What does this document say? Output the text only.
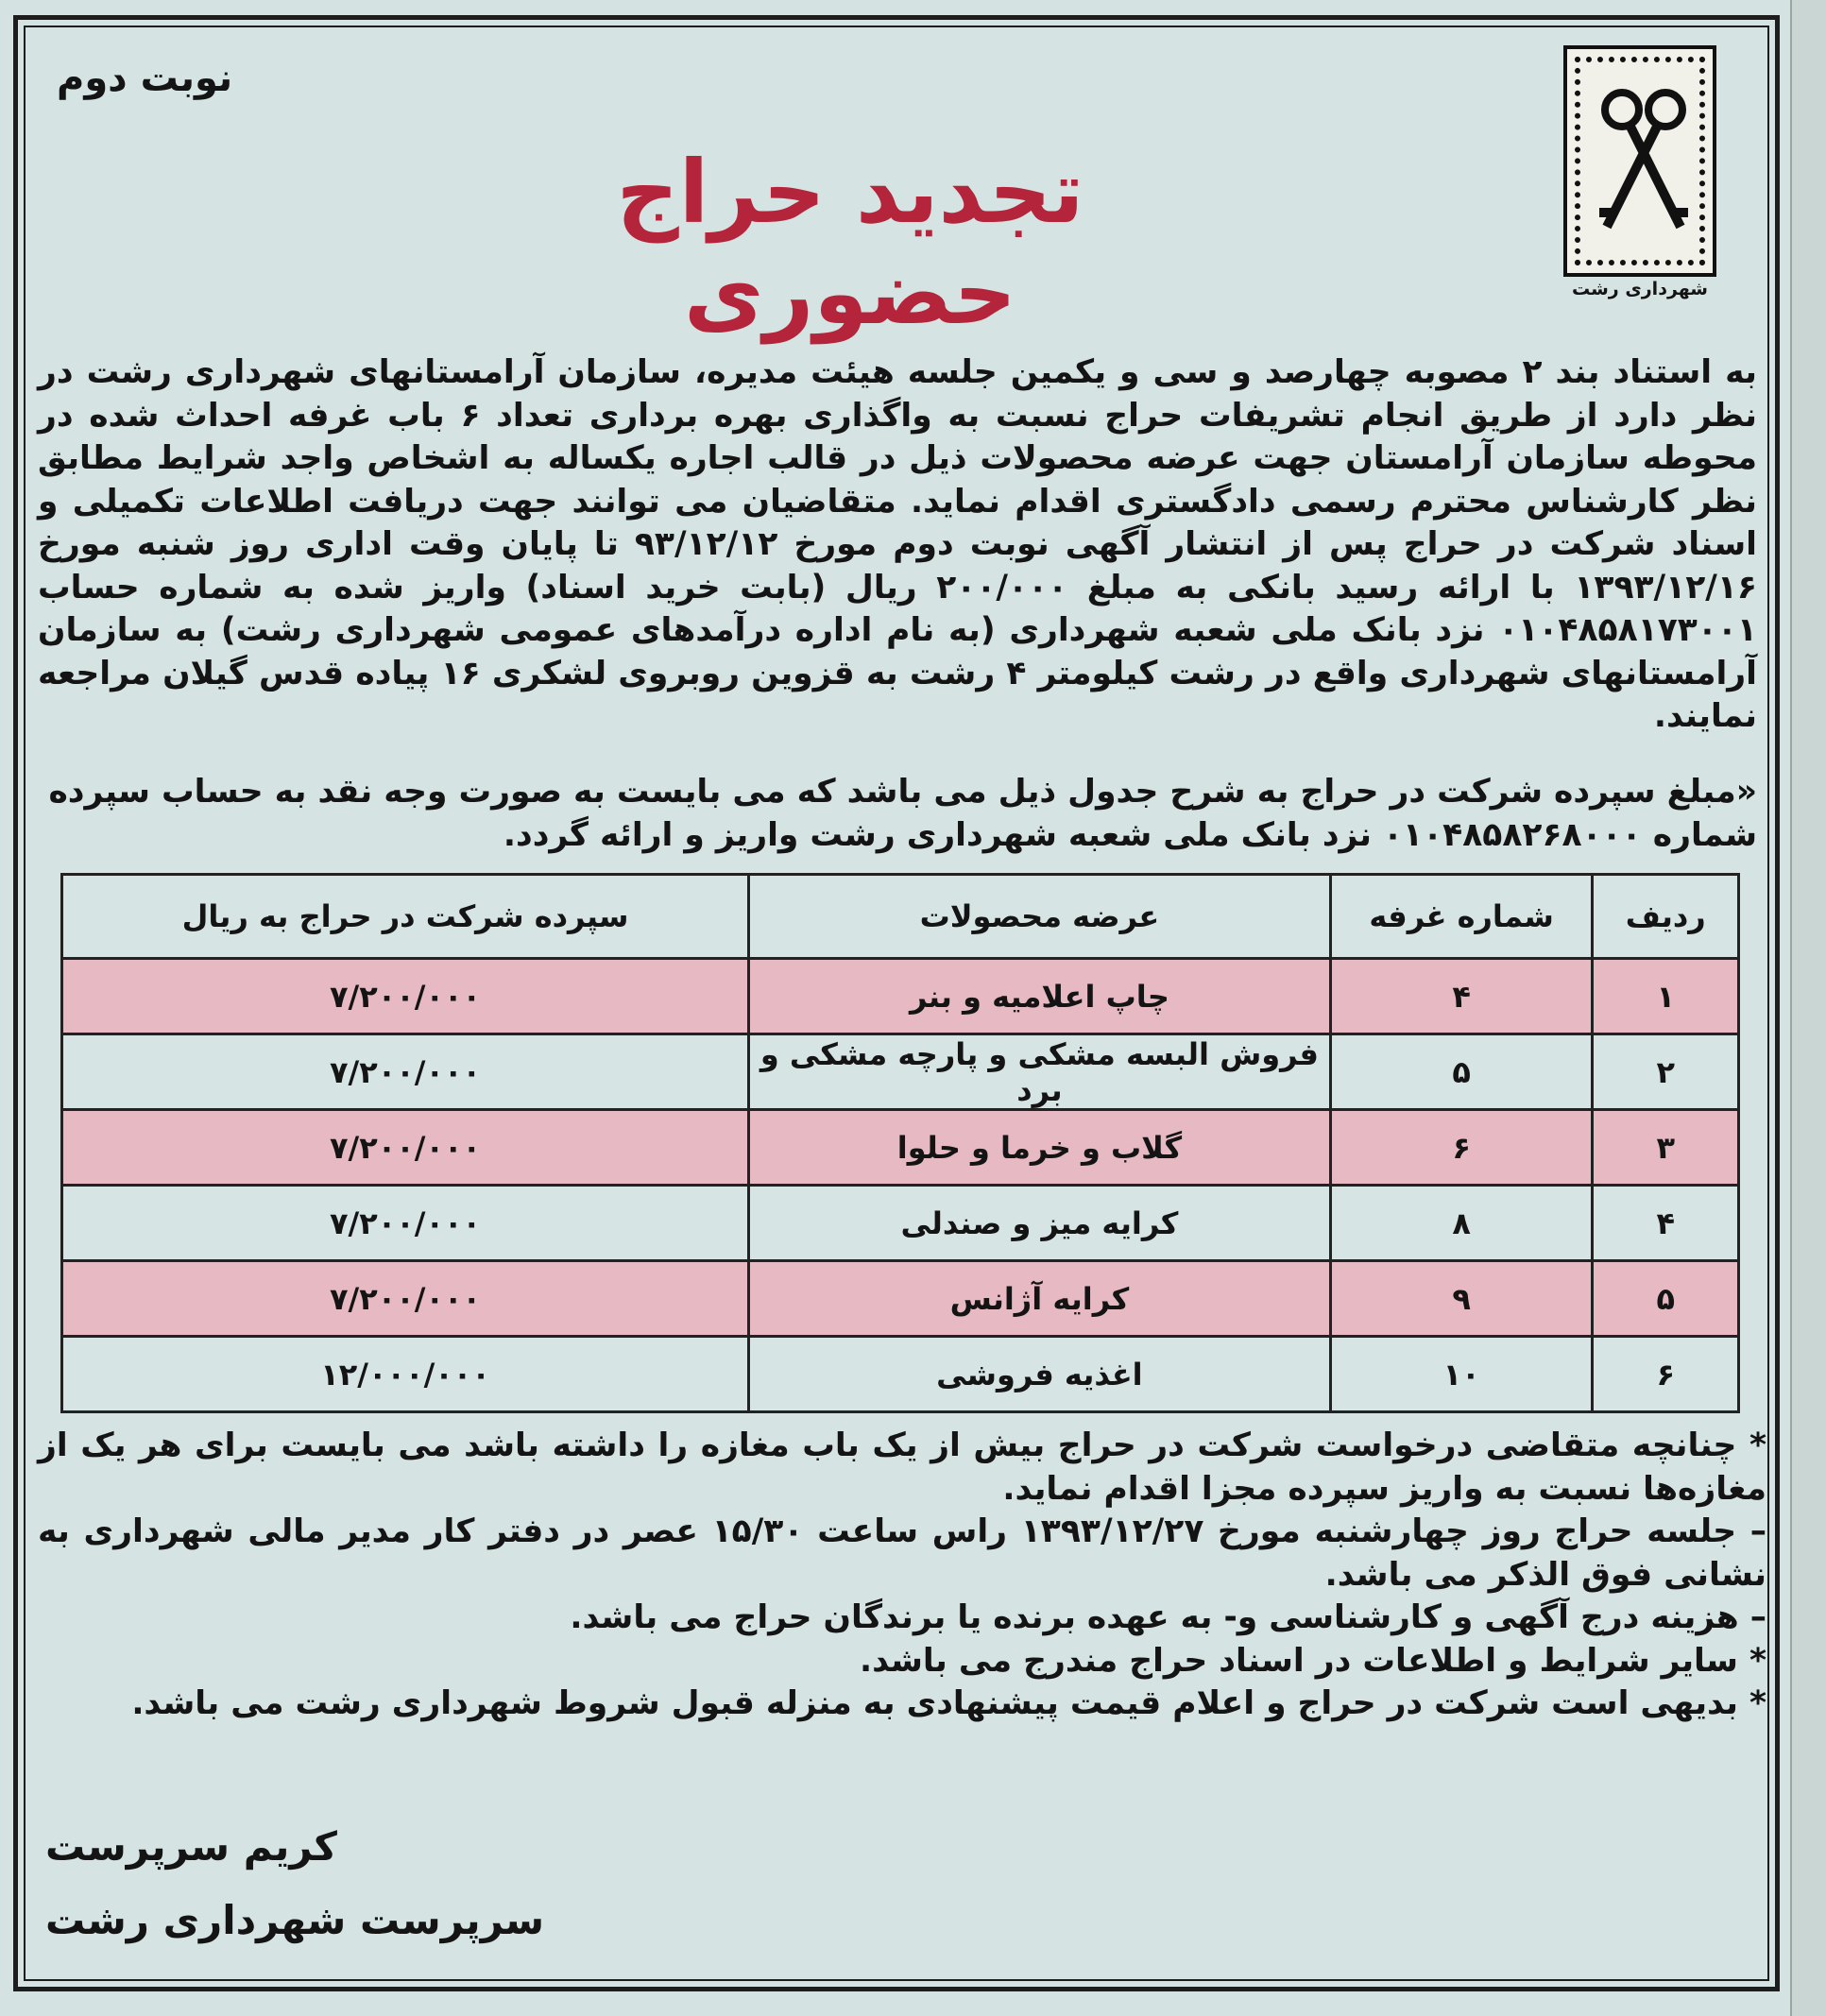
نوبت دوم
تجدید حراج حضوری	شهرداری رشت
به استناد بند ۲ مصوبه چهارصد و سی و یکمین جلسه هیئت مدیره، سازمان آرامستانهای شهرداری رشت در نظر دارد از طریق انجام تشریفات حراج نسبت به واگذاری بهره برداری تعداد ۶ باب غرفه احداث شده در محوطه سازمان آرامستان جهت عرضه محصولات ذیل در قالب اجاره یکساله به اشخاص واجد شرایط مطابق نظر کارشناس محترم رسمی دادگستری اقدام نماید. متقاضیان می توانند جهت دریافت اطلاعات تکمیلی و اسناد شرکت در حراج پس از انتشار آگهی نوبت دوم مورخ ۹۳/۱۲/۱۲ تا پایان وقت اداری روز شنبه مورخ ۱۳۹۳/۱۲/۱۶ با ارائه رسید بانکی به مبلغ ۲۰۰/۰۰۰ ریال (بابت خرید اسناد) واریز شده به شماره حساب ۰۱۰۴۸۵۸۱۷۳۰۰۱ نزد بانک ملی شعبه شهرداری (به نام اداره درآمدهای عمومی شهرداری رشت) به سازمان آرامستانهای شهرداری واقع در رشت کیلومتر ۴ رشت به قزوین روبروی لشکری ۱۶ پیاده قدس گیلان مراجعه نمایند.
«مبلغ سپرده شرکت در حراج به شرح جدول ذیل می باشد که می بایست به صورت وجه نقد به حساب سپرده شماره ۰۱۰۴۸۵۸۲۶۸۰۰۰ نزد بانک ملی شعبه شهرداری رشت واریز و ارائه گردد.
ردیف	شماره غرفه	عرضه محصولات	سپرده شرکت در حراج به ریال
۱	۴	چاپ اعلامیه و بنر	۷/۲۰۰/۰۰۰
۲	۵	فروش البسه مشکی و پارچه مشکی و برد	۷/۲۰۰/۰۰۰
۳	۶	گلاب و خرما و حلوا	۷/۲۰۰/۰۰۰
۴	۸	کرایه میز و صندلی	۷/۲۰۰/۰۰۰
۵	۹	کرایه آژانس	۷/۲۰۰/۰۰۰
۶	۱۰	اغذیه فروشی	۱۲/۰۰۰/۰۰۰

* چنانچه متقاضی درخواست شرکت در حراج بیش از یک باب مغازه را داشته باشد می بایست برای هر یک از مغازه‌ها نسبت به واریز سپرده مجزا اقدام نماید.

– جلسه حراج روز چهارشنبه مورخ ۱۳۹۳/۱۲/۲۷ راس ساعت ۱۵/۳۰ عصر در دفتر کار مدیر مالی شهرداری به نشانی فوق الذکر می باشد.

– هزینه درج آگهی و کارشناسی و- به عهده برنده یا برندگان حراج می باشد.

* سایر شرایط و اطلاعات در اسناد حراج مندرج می باشد.

* بدیهی است شرکت در حراج و اعلام قیمت پیشنهادی به منزله قبول شروط شهرداری رشت می باشد.

کریم سرپرست
سرپرست شهرداری رشت
